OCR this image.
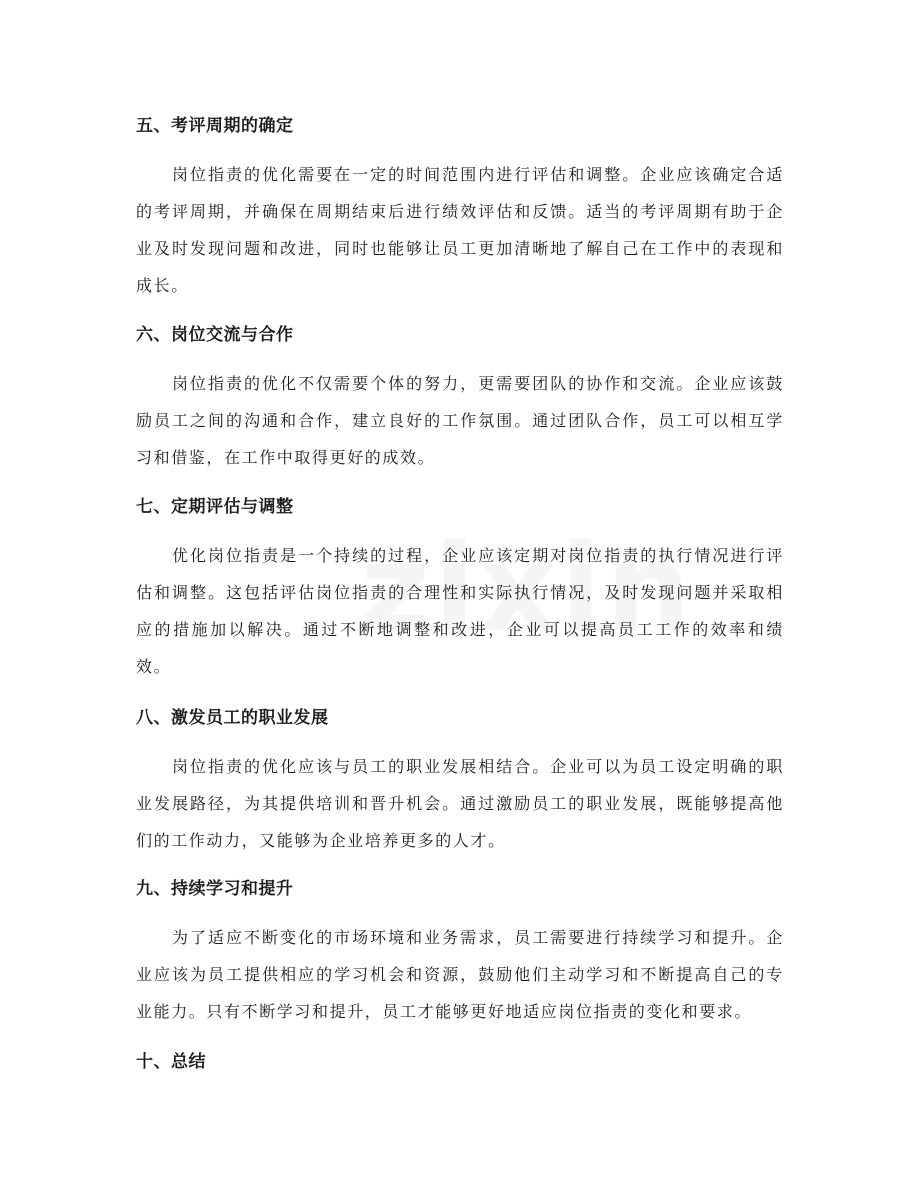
五、考评周期的确定
岗位指责的优化需要在一定的时间范围内进行评估和调整。企业应该确定合适的考评周期，并确保在周期结束后进行绩效评估和反馈。适当的考评周期有助于企业及时发现问题和改进，同时也能够让员工更加清晰地了解自己在工作中的表现和成长。
六、岗位交流与合作
岗位指责的优化不仅需要个体的努力，更需要团队的协作和交流。企业应该鼓励员工之间的沟通和合作，建立良好的工作氛围。通过团队合作，员工可以相互学习和借鉴，在工作中取得更好的成效。
七、定期评估与调整
优化岗位指责是一个持续的过程，企业应该定期对岗位指责的执行情况进行评估和调整。这包括评估岗位指责的合理性和实际执行情况，及时发现问题并采取相应的措施加以解决。通过不断地调整和改进，企业可以提高员工工作的效率和绩效。
八、激发员工的职业发展
岗位指责的优化应该与员工的职业发展相结合。企业可以为员工设定明确的职业发展路径，为其提供培训和晋升机会。通过激励员工的职业发展，既能够提高他们的工作动力，又能够为企业培养更多的人才。
九、持续学习和提升
为了适应不断变化的市场环境和业务需求，员工需要进行持续学习和提升。企业应该为员工提供相应的学习机会和资源，鼓励他们主动学习和不断提高自己的专业能力。只有不断学习和提升，员工才能够更好地适应岗位指责的变化和要求。
十、总结
